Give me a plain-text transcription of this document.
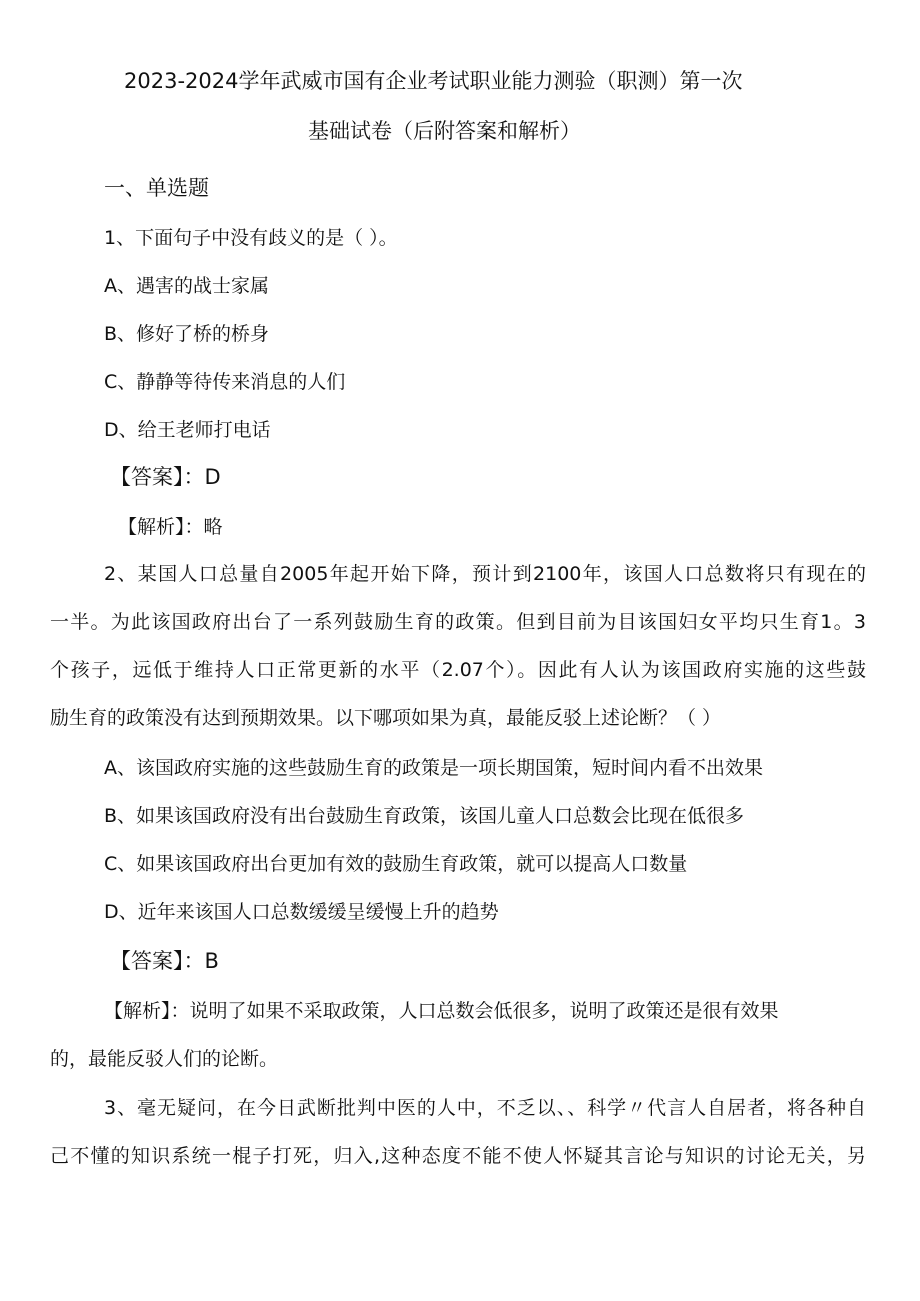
2023-2024学年武威市国有企业考试职业能力测验（职测）第一次
基础试卷（后附答案和解析）
一、单选题
1、下面句子中没有歧义的是（ ）。
A、遇害的战士家属
B、修好了桥的桥身
C、静静等待传来消息的人们
D、给王老师打电话
【答案】：D
【解析】：略
2、某国人口总量自2005年起开始下降，预计到2100年，该国人口总数将只有现在的
一半。为此该国政府出台了一系列鼓励生育的政策。但到目前为目该国妇女平均只生育1。3
个孩子，远低于维持人口正常更新的水平（2.07个）。因此有人认为该国政府实施的这些鼓
励生育的政策没有达到预期效果。以下哪项如果为真，最能反驳上述论断？（ ）
A、该国政府实施的这些鼓励生育的政策是一项长期国策，短时间内看不出效果
B、如果该国政府没有出台鼓励生育政策，该国儿童人口总数会比现在低很多
C、如果该国政府出台更加有效的鼓励生育政策，就可以提高人口数量
D、近年来该国人口总数缓缓呈缓慢上升的趋势
【答案】：B
【解析】：说明了如果不采取政策，人口总数会低很多，说明了政策还是很有效果
的，最能反驳人们的论断。
3、毫无疑问，在今日武断批判中医的人中，不乏以、、科学〃代言人自居者，将各种自
己不懂的知识系统一棍子打死，归入,这种态度不能不使人怀疑其言论与知识的讨论无关，另
